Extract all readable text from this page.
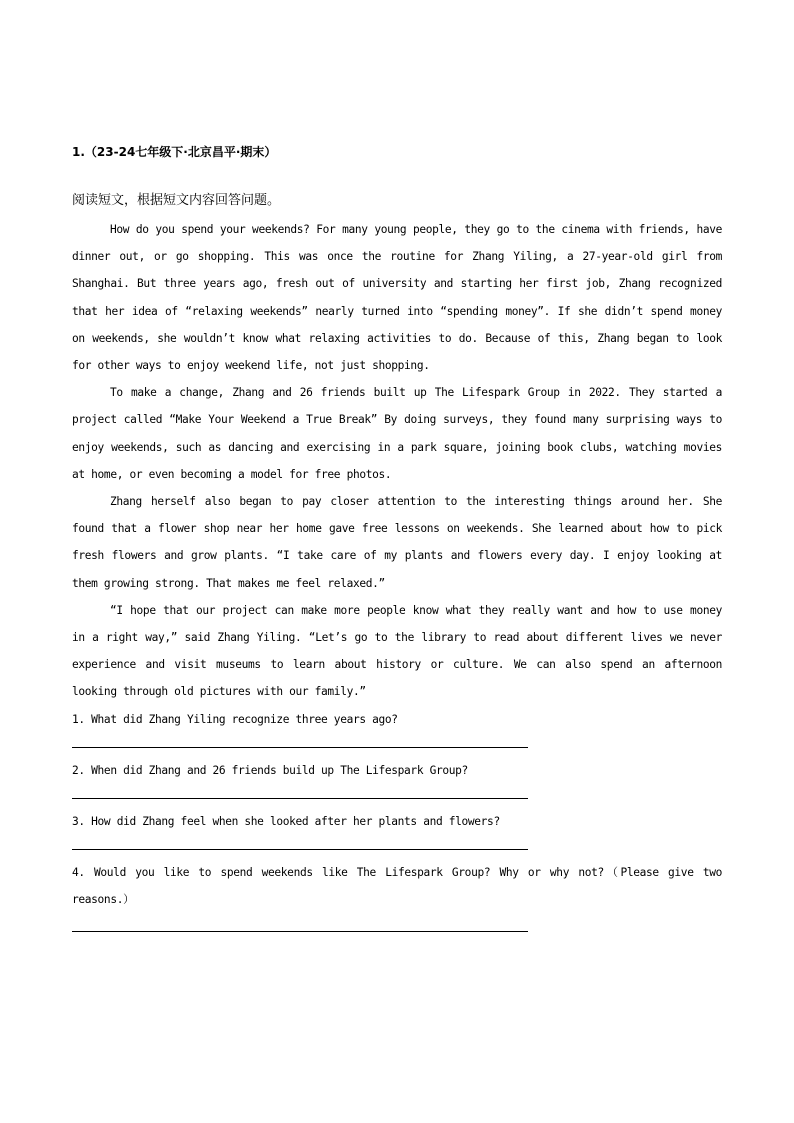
1.（23-24七年级下·北京昌平·期末）
阅读短文，根据短文内容回答问题。

How do you spend your weekends? For many young people, they go to the cinema with friends, have dinner out, or go shopping. This was once the routine for Zhang Yiling, a 27-year-old girl from Shanghai. But three years ago, fresh out of university and starting her first job, Zhang recognized that her idea of “relaxing weekends” nearly turned into “spending money”. If she didn’t spend money on weekends, she wouldn’t know what relaxing activities to do. Because of this, Zhang began to look for other ways to enjoy weekend life, not just shopping.

To make a change, Zhang and 26 friends built up The Lifespark Group in 2022. They started a project called “Make Your Weekend a True Break” By doing surveys, they found many surprising ways to enjoy weekends, such as dancing and exercising in a park square, joining book clubs, watching movies at home, or even becoming a model for free photos.

Zhang herself also began to pay closer attention to the interesting things around her. She found that a flower shop near her home gave free lessons on weekends. She learned about how to pick fresh flowers and grow plants. “I take care of my plants and flowers every day. I enjoy looking at them growing strong. That makes me feel relaxed.”

“I hope that our project can make more people know what they really want and how to use money in a right way,” said Zhang Yiling. “Let’s go to the library to read about different lives we never experience and visit museums to learn about history or culture. We can also spend an afternoon looking through old pictures with our family.”

1. What did Zhang Yiling recognize three years ago?

2. When did Zhang and 26 friends build up The Lifespark Group?

3. How did Zhang feel when she looked after her plants and flowers?

4. Would you like to spend weekends like The Lifespark Group? Why or why not?（Please give two reasons.）
